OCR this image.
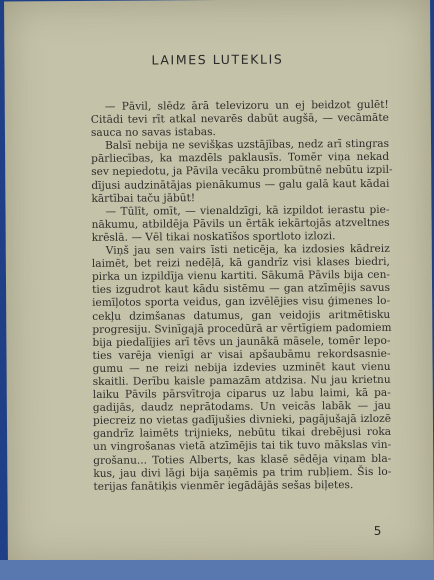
LAIMES LUTEKLIS
— Pāvil, slēdz ārā televizoru un ej beidzot gulēt!
Citādi tevi rīt atkal nevarēs dabūt augšā, — vecāmāte
sauca no savas istabas.
Balsī nebija ne sevišķas uzstājības, nedz arī stingras
pārliecības, ka mazdēls paklausīs. Tomēr viņa nekad
sev nepiedotu, ja Pāvila vecāku prombūtnē nebūtu izpil-
dījusi audzinātājas pienākumus — galu galā kaut kādai
kārtībai taču jābūt!
— Tūlīt, omīt, — vienaldzīgi, kā izpildot ierastu pie-
nākumu, atbildēja Pāvils un ērtāk iekārtojās atzveltnes
krēslā. — Vēl tikai noskatīšos sportloto izlozi.
Viņš jau sen vairs īsti neticēja, ka izdosies kādreiz
laimēt, bet reizi nedēļā, kā gandrīz visi klases biedri,
pirka un izpildīja vienu kartiti. Sākumā Pāvils bija cen-
ties izgudrot kaut kādu sistēmu — gan atzīmējis savus
iemīļotos sporta veidus, gan izvēlējies visu ģimenes lo-
cekļu dzimšanas datumus, gan veidojis aritmētisku
progresiju. Svinīgajā procedūrā ar vērtīgiem padomiem
bija piedalījies arī tēvs un jaunākā māsele, tomēr lepo-
ties varēja vienīgi ar visai apšaubāmu rekordsasnie-
gumu — ne reizi nebija izdevies uzminēt kaut vienu
skaitli. Derību kaisle pamazām atdzisa. Nu jau krietnu
laiku Pāvils pārsvītroja ciparus uz labu laimi, kā pa-
gadijās, daudz neprātodams. Un veicās labāk — jau
piecreiz no vietas gadījušies divnieki, pagājušajā izlozē
gandrīz laimēts trijnieks, nebūtu tikai drebējusi roka
un vingrošanas vietā atzīmējis tai tik tuvo mākslas vin-
grošanu... Toties Alberts, kas klasē sēdēja viņam bla-
kus, jau divi lāgi bija saņēmis pa trim rubļiem. Šis lo-
terijas fanātiķis vienmēr iegādājās sešas biļetes.
5
